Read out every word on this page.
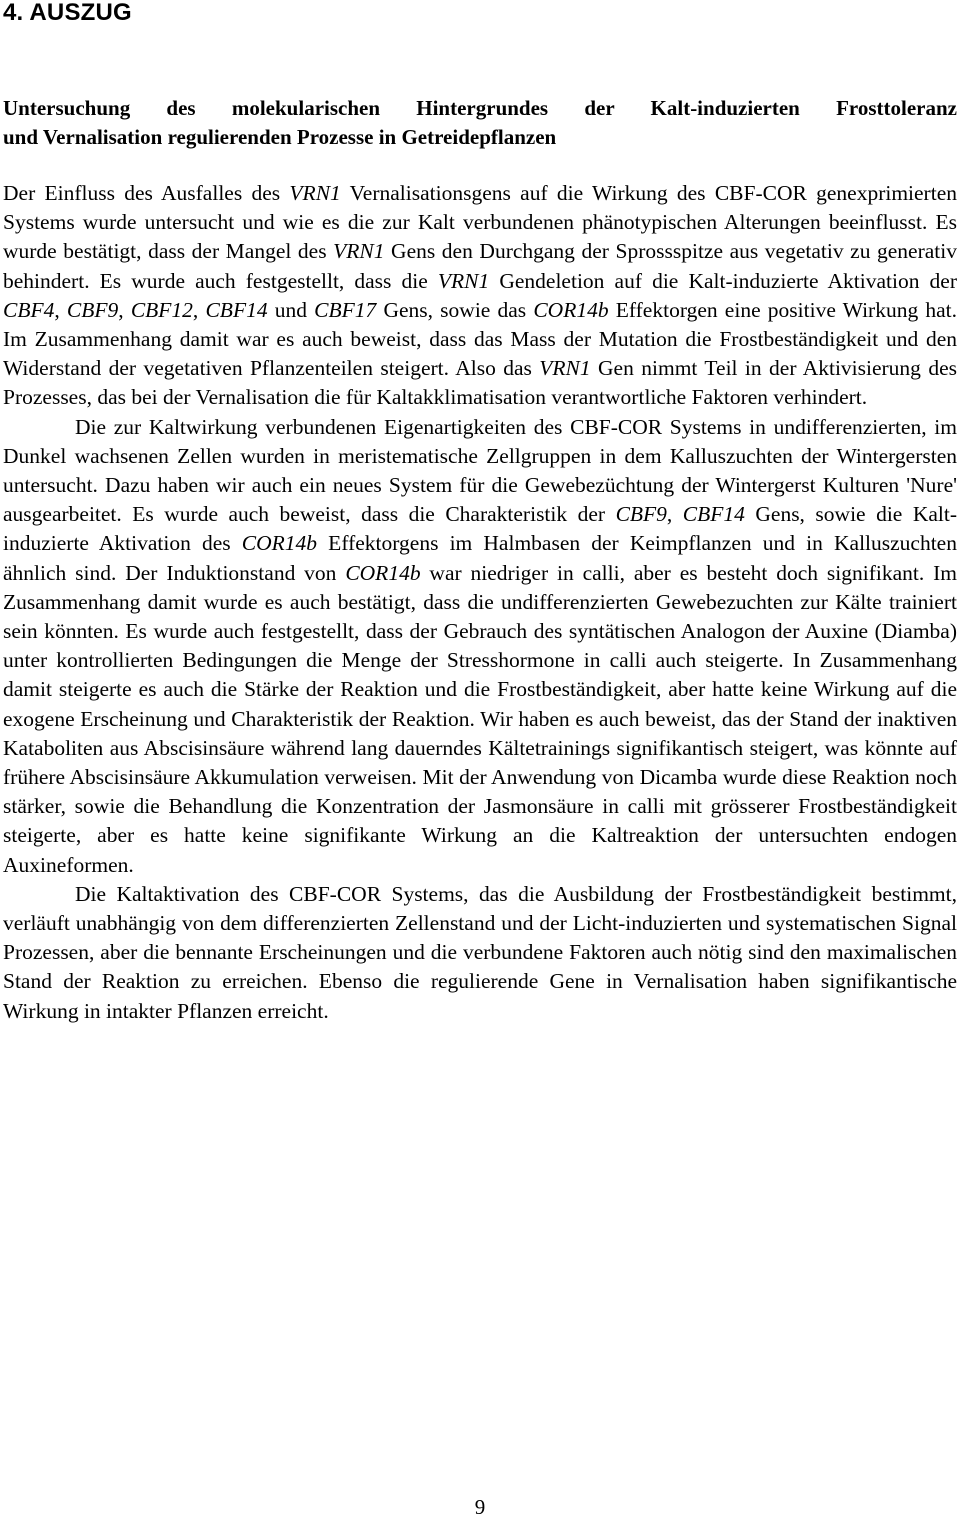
4. AUSZUG
Untersuchung des molekularischen Hintergrundes der Kalt-induzierten Frosttoleranz
und Vernalisation regulierenden Prozesse in Getreidepflanzen

Der Einfluss des Ausfalles des VRN1 Vernalisationsgens auf die Wirkung des CBF-COR genexprimierten Systems wurde untersucht und wie es die zur Kalt verbundenen phänotypischen Alterungen beeinflusst. Es wurde bestätigt, dass der Mangel des VRN1 Gens den Durchgang der Sprossspitze aus vegetativ zu generativ behindert. Es wurde auch festgestellt, dass die VRN1 Gendeletion auf die Kalt-induzierte Aktivation der CBF4, CBF9, CBF12, CBF14 und CBF17 Gens, sowie das COR14b Effektorgen eine positive Wirkung hat. Im Zusammenhang damit war es auch beweist, dass das Mass der Mutation die Frostbeständigkeit und den Widerstand der vegetativen Pflanzenteilen steigert. Also das VRN1 Gen nimmt Teil in der Aktivisierung des Prozesses, das bei der Vernalisation die für Kaltakklimatisation verantwortliche Faktoren verhindert.

Die zur Kaltwirkung verbundenen Eigenartigkeiten des CBF-COR Systems in undifferenzierten, im Dunkel wachsenen Zellen wurden in meristematische Zellgruppen in dem Kalluszuchten der Wintergersten untersucht. Dazu haben wir auch ein neues System für die Gewebezüchtung der Wintergerst Kulturen 'Nure' ausgearbeitet. Es wurde auch beweist, dass die Charakteristik der CBF9, CBF14 Gens, sowie die Kalt-induzierte Aktivation des COR14b Effektorgens im Halmbasen der Keimpflanzen und in Kalluszuchten ähnlich sind. Der Induktionstand von COR14b war niedriger in calli, aber es besteht doch signifikant. Im Zusammenhang damit wurde es auch bestätigt, dass die undifferenzierten Gewebezuchten zur Kälte trainiert sein könnten. Es wurde auch festgestellt, dass der Gebrauch des syntätischen Analogon der Auxine (Diamba) unter kontrollierten Bedingungen die Menge der Stresshormone in calli auch steigerte. In Zusammenhang damit steigerte es auch die Stärke der Reaktion und die Frostbeständigkeit, aber hatte keine Wirkung auf die exogene Erscheinung und Charakteristik der Reaktion. Wir haben es auch beweist, das der Stand der inaktiven Kataboliten aus Abscisinsäure während lang dauerndes Kältetrainings signifikantisch steigert, was könnte auf frühere Abscisinsäure Akkumulation verweisen. Mit der Anwendung von Dicamba wurde diese Reaktion noch stärker, sowie die Behandlung die Konzentration der Jasmonsäure in calli mit grösserer Frostbeständigkeit steigerte, aber es hatte keine signifikante Wirkung an die Kaltreaktion der untersuchten endogen Auxineformen.

Die Kaltaktivation des CBF-COR Systems, das die Ausbildung der Frostbeständigkeit bestimmt, verläuft unabhängig von dem differenzierten Zellenstand und der Licht-induzierten und systematischen Signal Prozessen, aber die bennante Erscheinungen und die verbundene Faktoren auch nötig sind den maximalischen Stand der Reaktion zu erreichen. Ebenso die regulierende Gene in Vernalisation haben signifikantische Wirkung in intakter Pflanzen erreicht.

9
